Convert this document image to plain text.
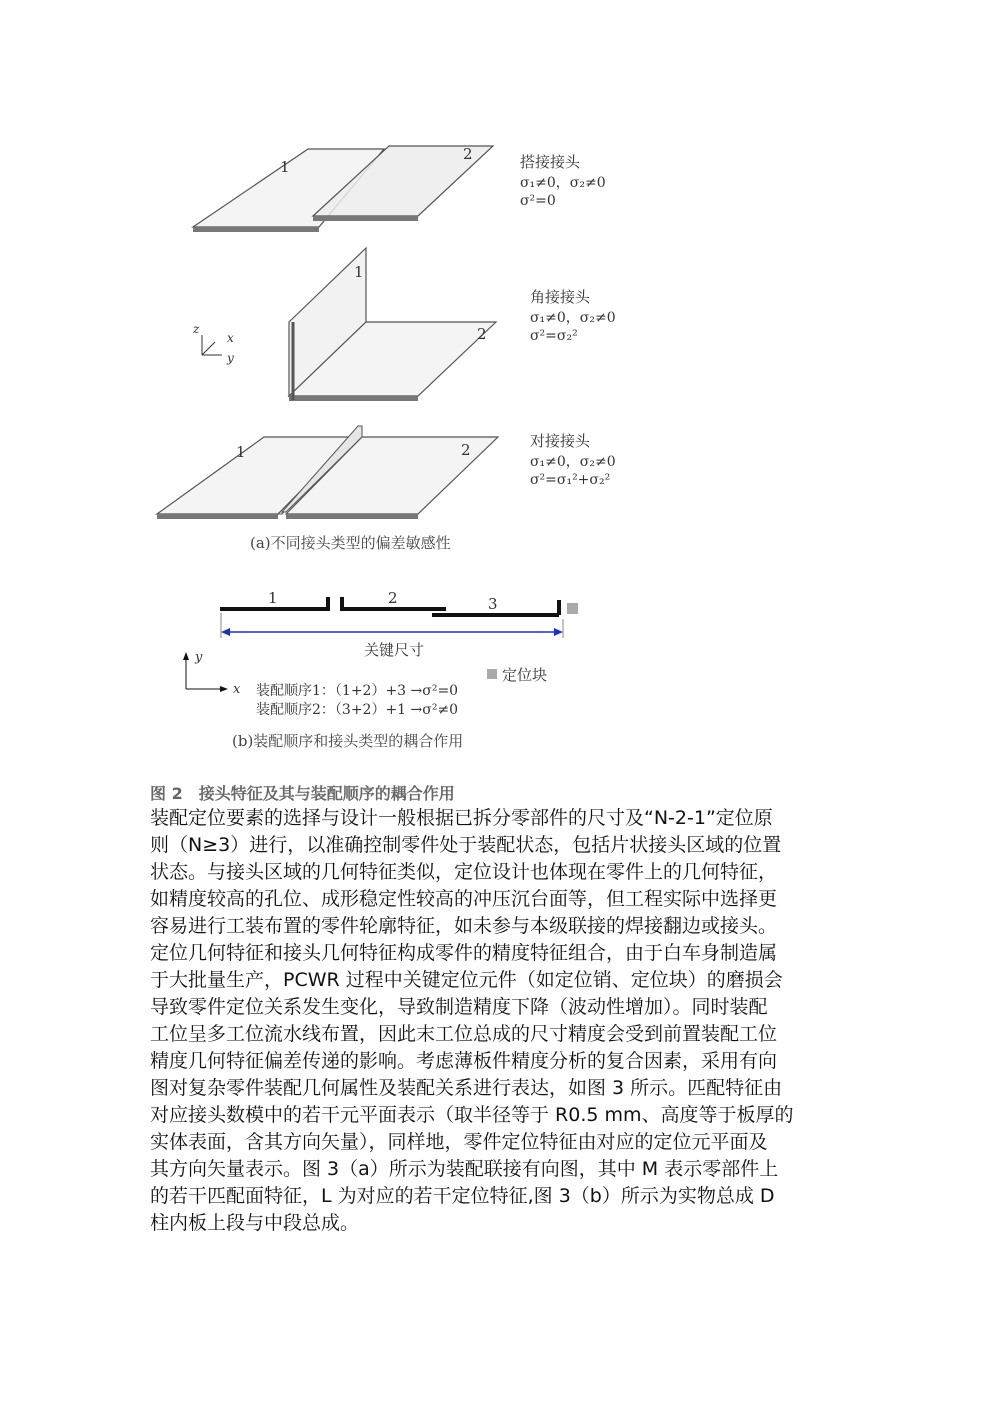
1
2	搭接接头
σ₁≠0，σ₂≠0
σ²=0
1
2
角接接头
σ₁≠0，σ₂≠0
σ²=σ₂²
z
x
y
1	2	对接接头
σ₁≠0，σ₂≠0
σ²=σ₁²+σ₂²
(a)不同接头类型的偏差敏感性
1	2	3
关键尺寸
定位块
y
x 装配顺序1：（1+2）+3 →σ²=0
装配顺序2：（3+2）+1 →σ²≠0
(b)装配顺序和接头类型的耦合作用
图 2 接头特征及其与装配顺序的耦合作用
装配定位要素的选择与设计一般根据已拆分零部件的尺寸及“N-2-1”定位原
则（N≥3）进行，以准确控制零件处于装配状态，包括片状接头区域的位置
状态。与接头区域的几何特征类似，定位设计也体现在零件上的几何特征，
如精度较高的孔位、成形稳定性较高的冲压沉台面等，但工程实际中选择更
容易进行工装布置的零件轮廓特征，如未参与本级联接的焊接翻边或接头。
定位几何特征和接头几何特征构成零件的精度特征组合，由于白车身制造属
于大批量生产，PCWR 过程中关键定位元件（如定位销、定位块）的磨损会
导致零件定位关系发生变化，导致制造精度下降（波动性增加）。同时装配
工位呈多工位流水线布置，因此末工位总成的尺寸精度会受到前置装配工位
精度几何特征偏差传递的影响。考虑薄板件精度分析的复合因素，采用有向
图对复杂零件装配几何属性及装配关系进行表达，如图 3 所示。匹配特征由
对应接头数模中的若干元平面表示（取半径等于 R0.5 mm、高度等于板厚的
实体表面，含其方向矢量），同样地，零件定位特征由对应的定位元平面及
其方向矢量表示。图 3（a）所示为装配联接有向图，其中 M 表示零部件上
的若干匹配面特征，L 为对应的若干定位特征,图 3（b）所示为实物总成 D
柱内板上段与中段总成。
